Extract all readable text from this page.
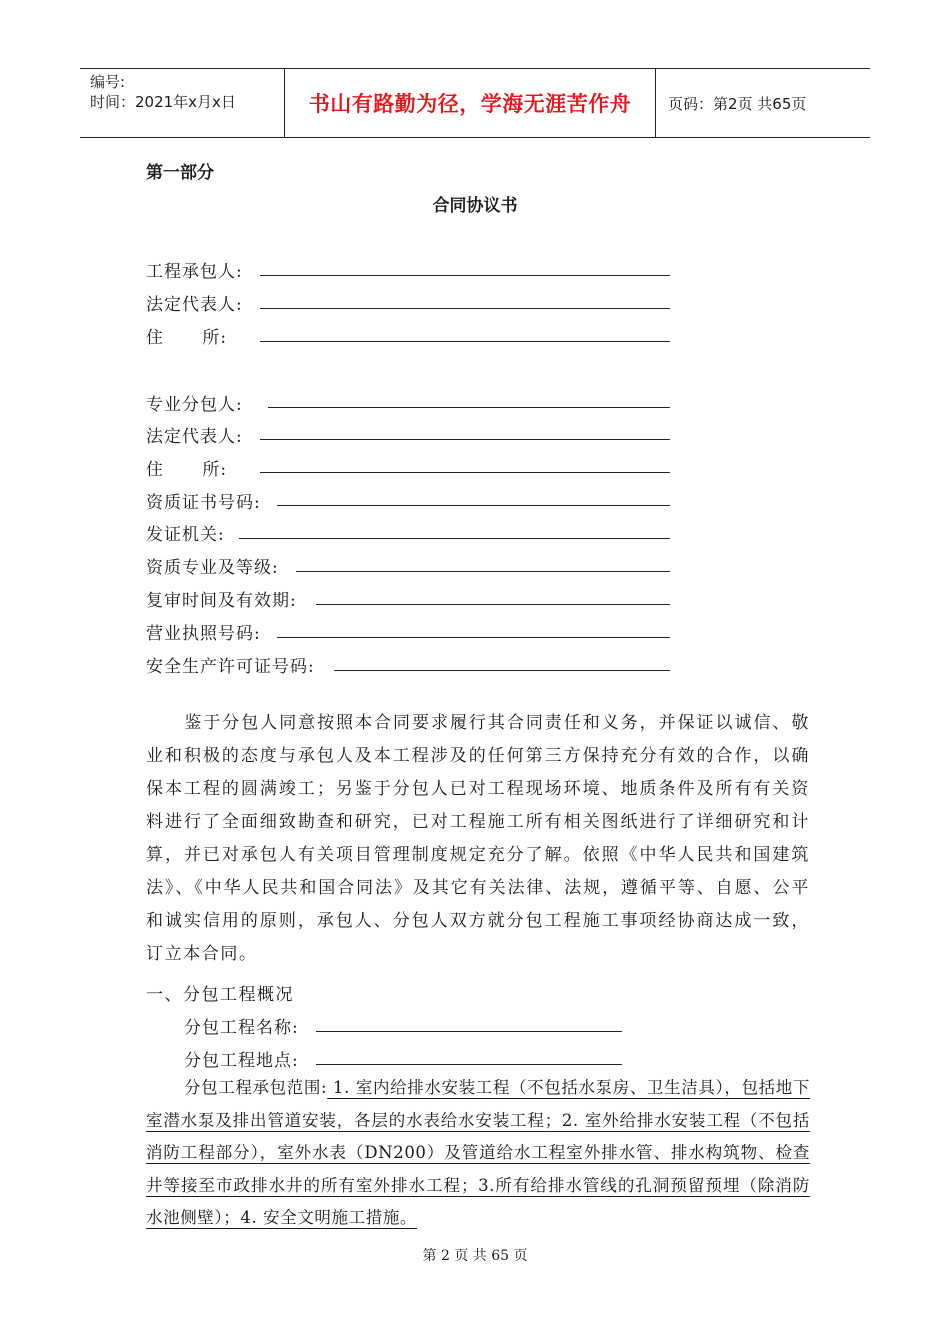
编号:
时间：2021年x月x日	书山有路勤为径，学海无涯苦作舟	页码：第2页 共65页
第一部分
合同协议书
工程承包人:
法定代表人:
住      所:
专业分包人:
法定代表人:
住      所:
资质证书号码:
发证机关:
资质专业及等级:
复审时间及有效期:
营业执照号码:
安全生产许可证号码:
鉴于分包人同意按照本合同要求履行其合同责任和义务，并保证以诚信、敬业和积极的态度与承包人及本工程涉及的任何第三方保持充分有效的合作，以确保本工程的圆满竣工；另鉴于分包人已对工程现场环境、地质条件及所有有关资料进行了全面细致勘查和研究，已对工程施工所有相关图纸进行了详细研究和计算，并已对承包人有关项目管理制度规定充分了解。依照《中华人民共和国建筑法》、《中华人民共和国合同法》及其它有关法律、法规，遵循平等、自愿、公平和诚实信用的原则，承包人、分包人双方就分包工程施工事项经协商达成一致，订立本合同。
一、分包工程概况
分包工程名称:
分包工程地点:
分包工程承包范围: 1. 室内给排水安装工程（不包括水泵房、卫生洁具），包括地下室潜水泵及排出管道安装，各层的水表给水安装工程；2. 室外给排水安装工程（不包括消防工程部分），室外水表（DN200）及管道给水工程室外排水管、排水构筑物、检查井等接至市政排水井的所有室外排水工程；3.所有给排水管线的孔洞预留预埋（除消防水池侧壁）；4. 安全文明施工措施。
第 2 页 共 65 页
